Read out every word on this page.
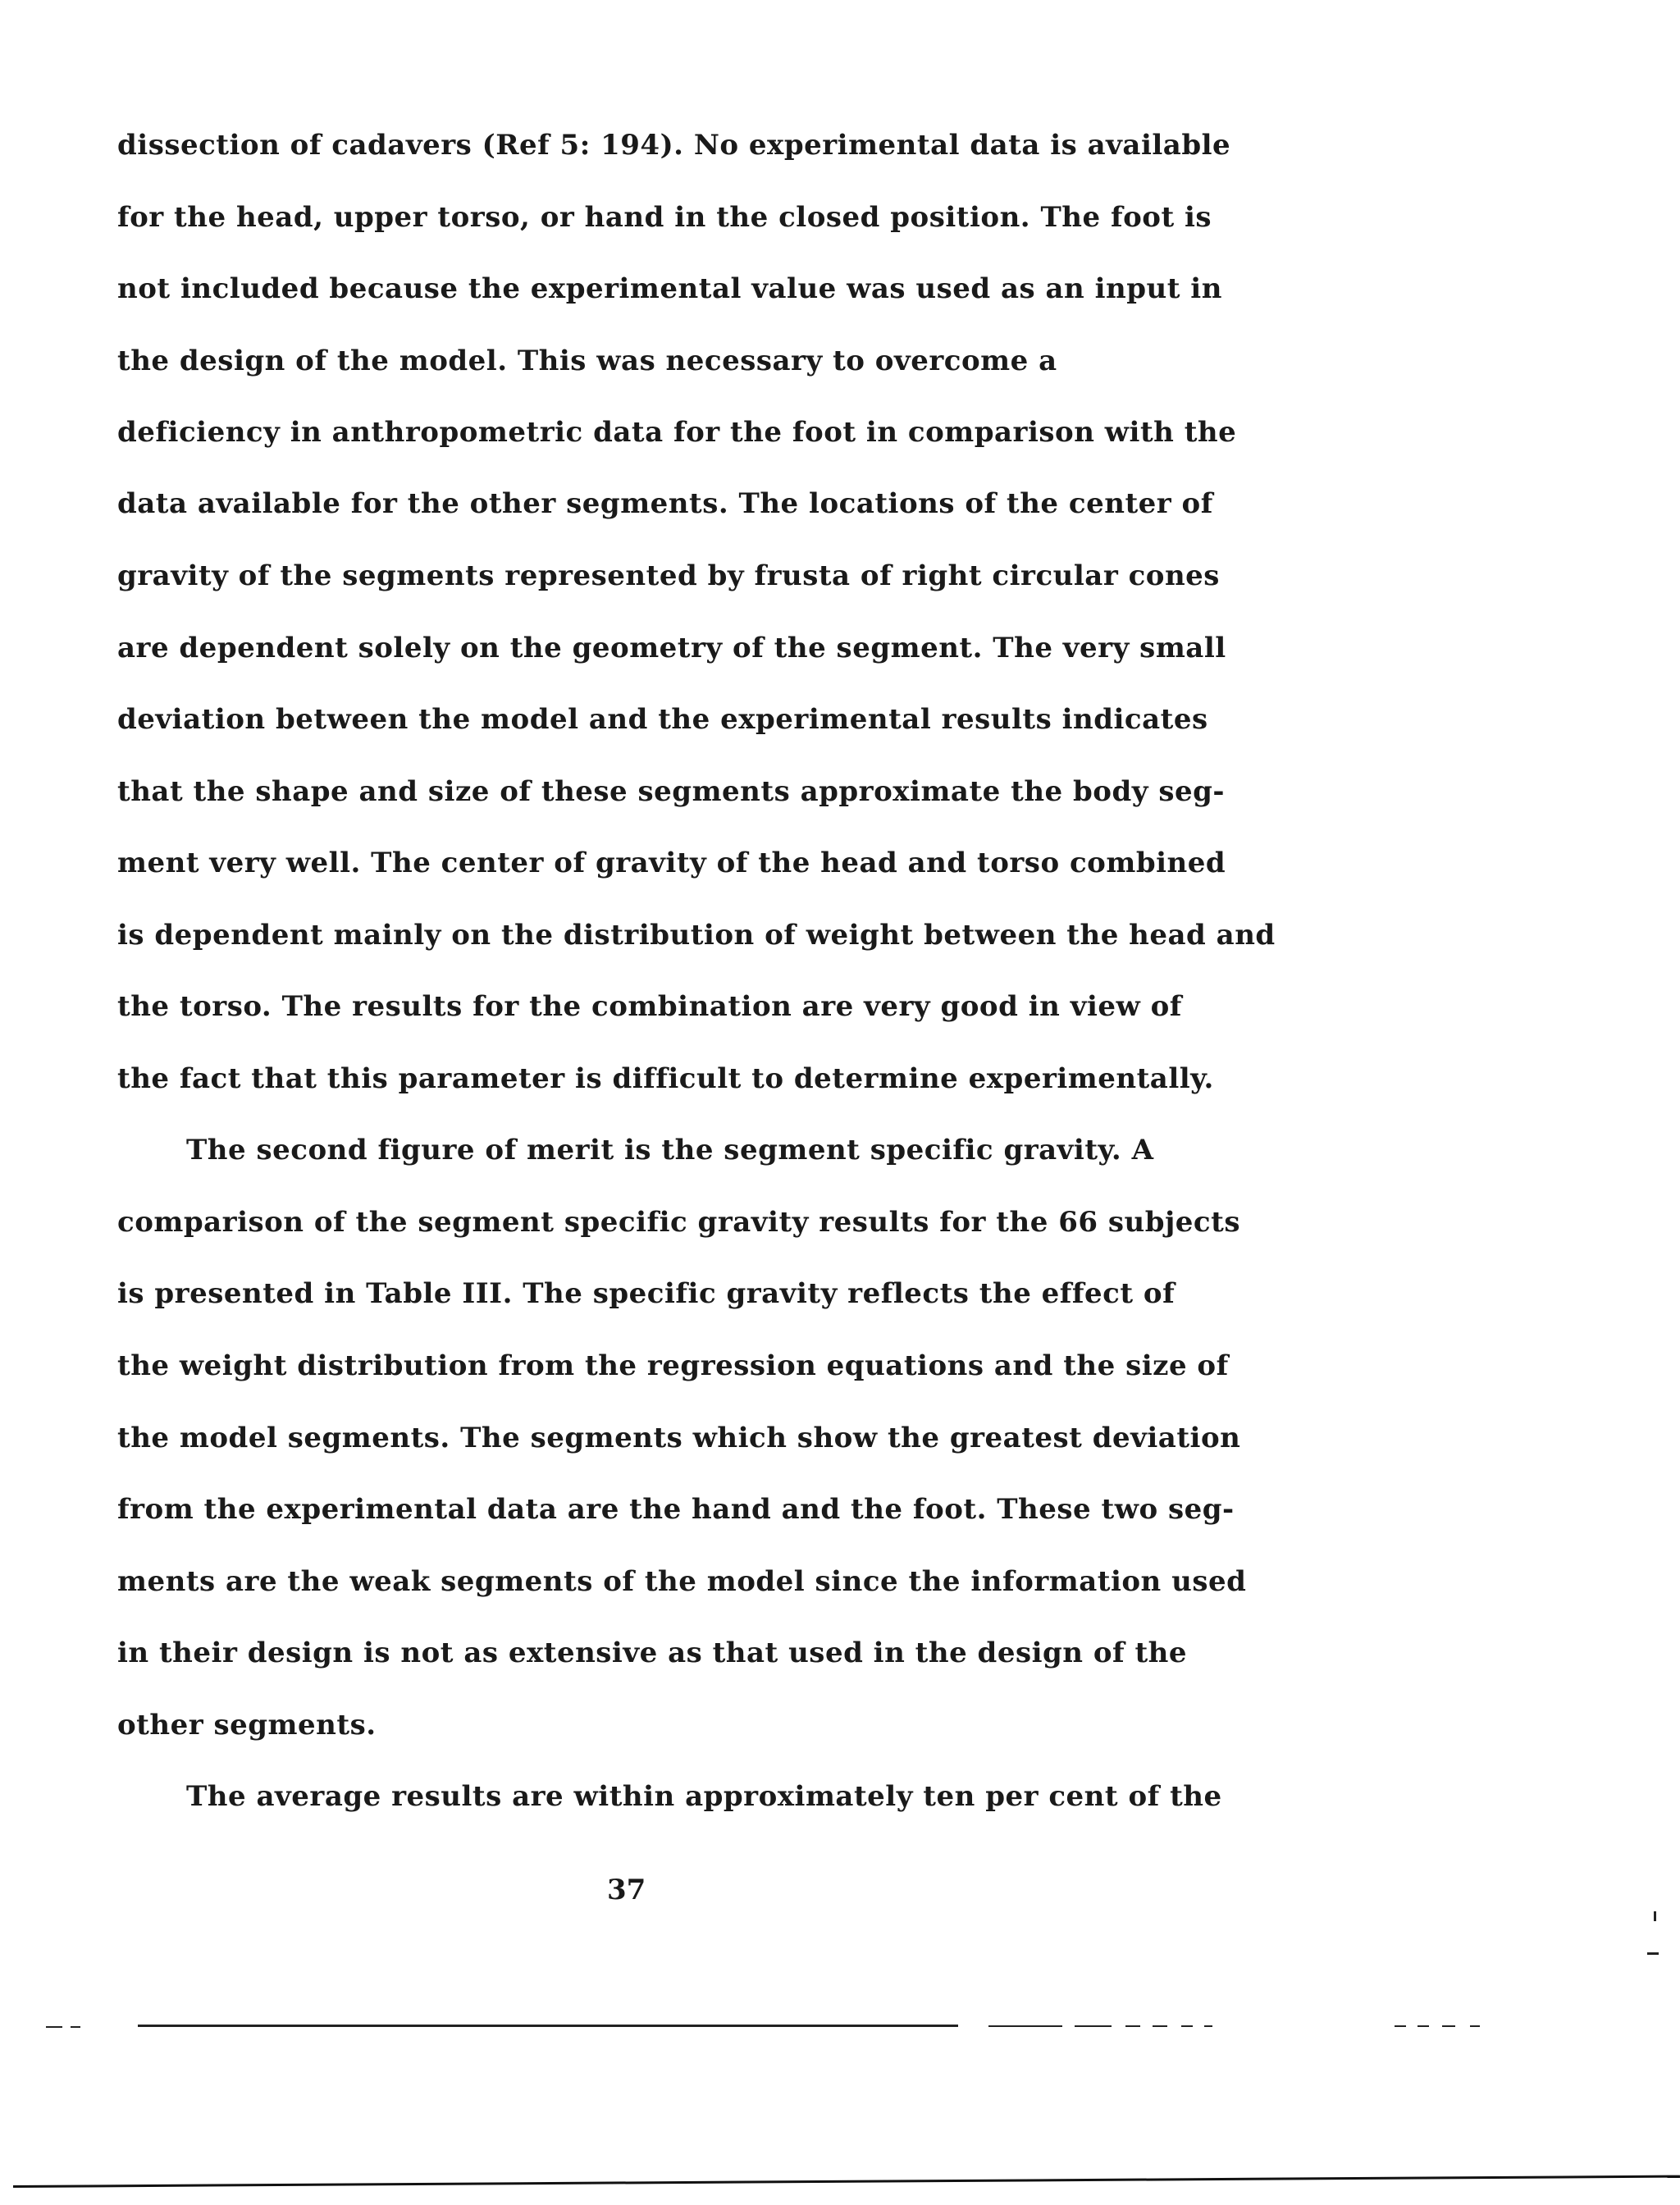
dissection of cadavers (Ref 5: 194). No experimental data is available
for the head, upper torso, or hand in the closed position. The foot is
not included because the experimental value was used as an input in
the design of the model. This was necessary to overcome a
deficiency in anthropometric data for the foot in comparison with the
data available for the other segments. The locations of the center of
gravity of the segments represented by frusta of right circular cones
are dependent solely on the geometry of the segment. The very small
deviation between the model and the experimental results indicates
that the shape and size of these segments approximate the body seg-
ment very well. The center of gravity of the head and torso combined
is dependent mainly on the distribution of weight between the head and
the torso. The results for the combination are very good in view of
the fact that this parameter is difficult to determine experimentally.
The second figure of merit is the segment specific gravity. A
comparison of the segment specific gravity results for the 66 subjects
is presented in Table III. The specific gravity reflects the effect of
the weight distribution from the regression equations and the size of
the model segments. The segments which show the greatest deviation
from the experimental data are the hand and the foot. These two seg-
ments are the weak segments of the model since the information used
in their design is not as extensive as that used in the design of the
other segments.
The average results are within approximately ten per cent of the
37
